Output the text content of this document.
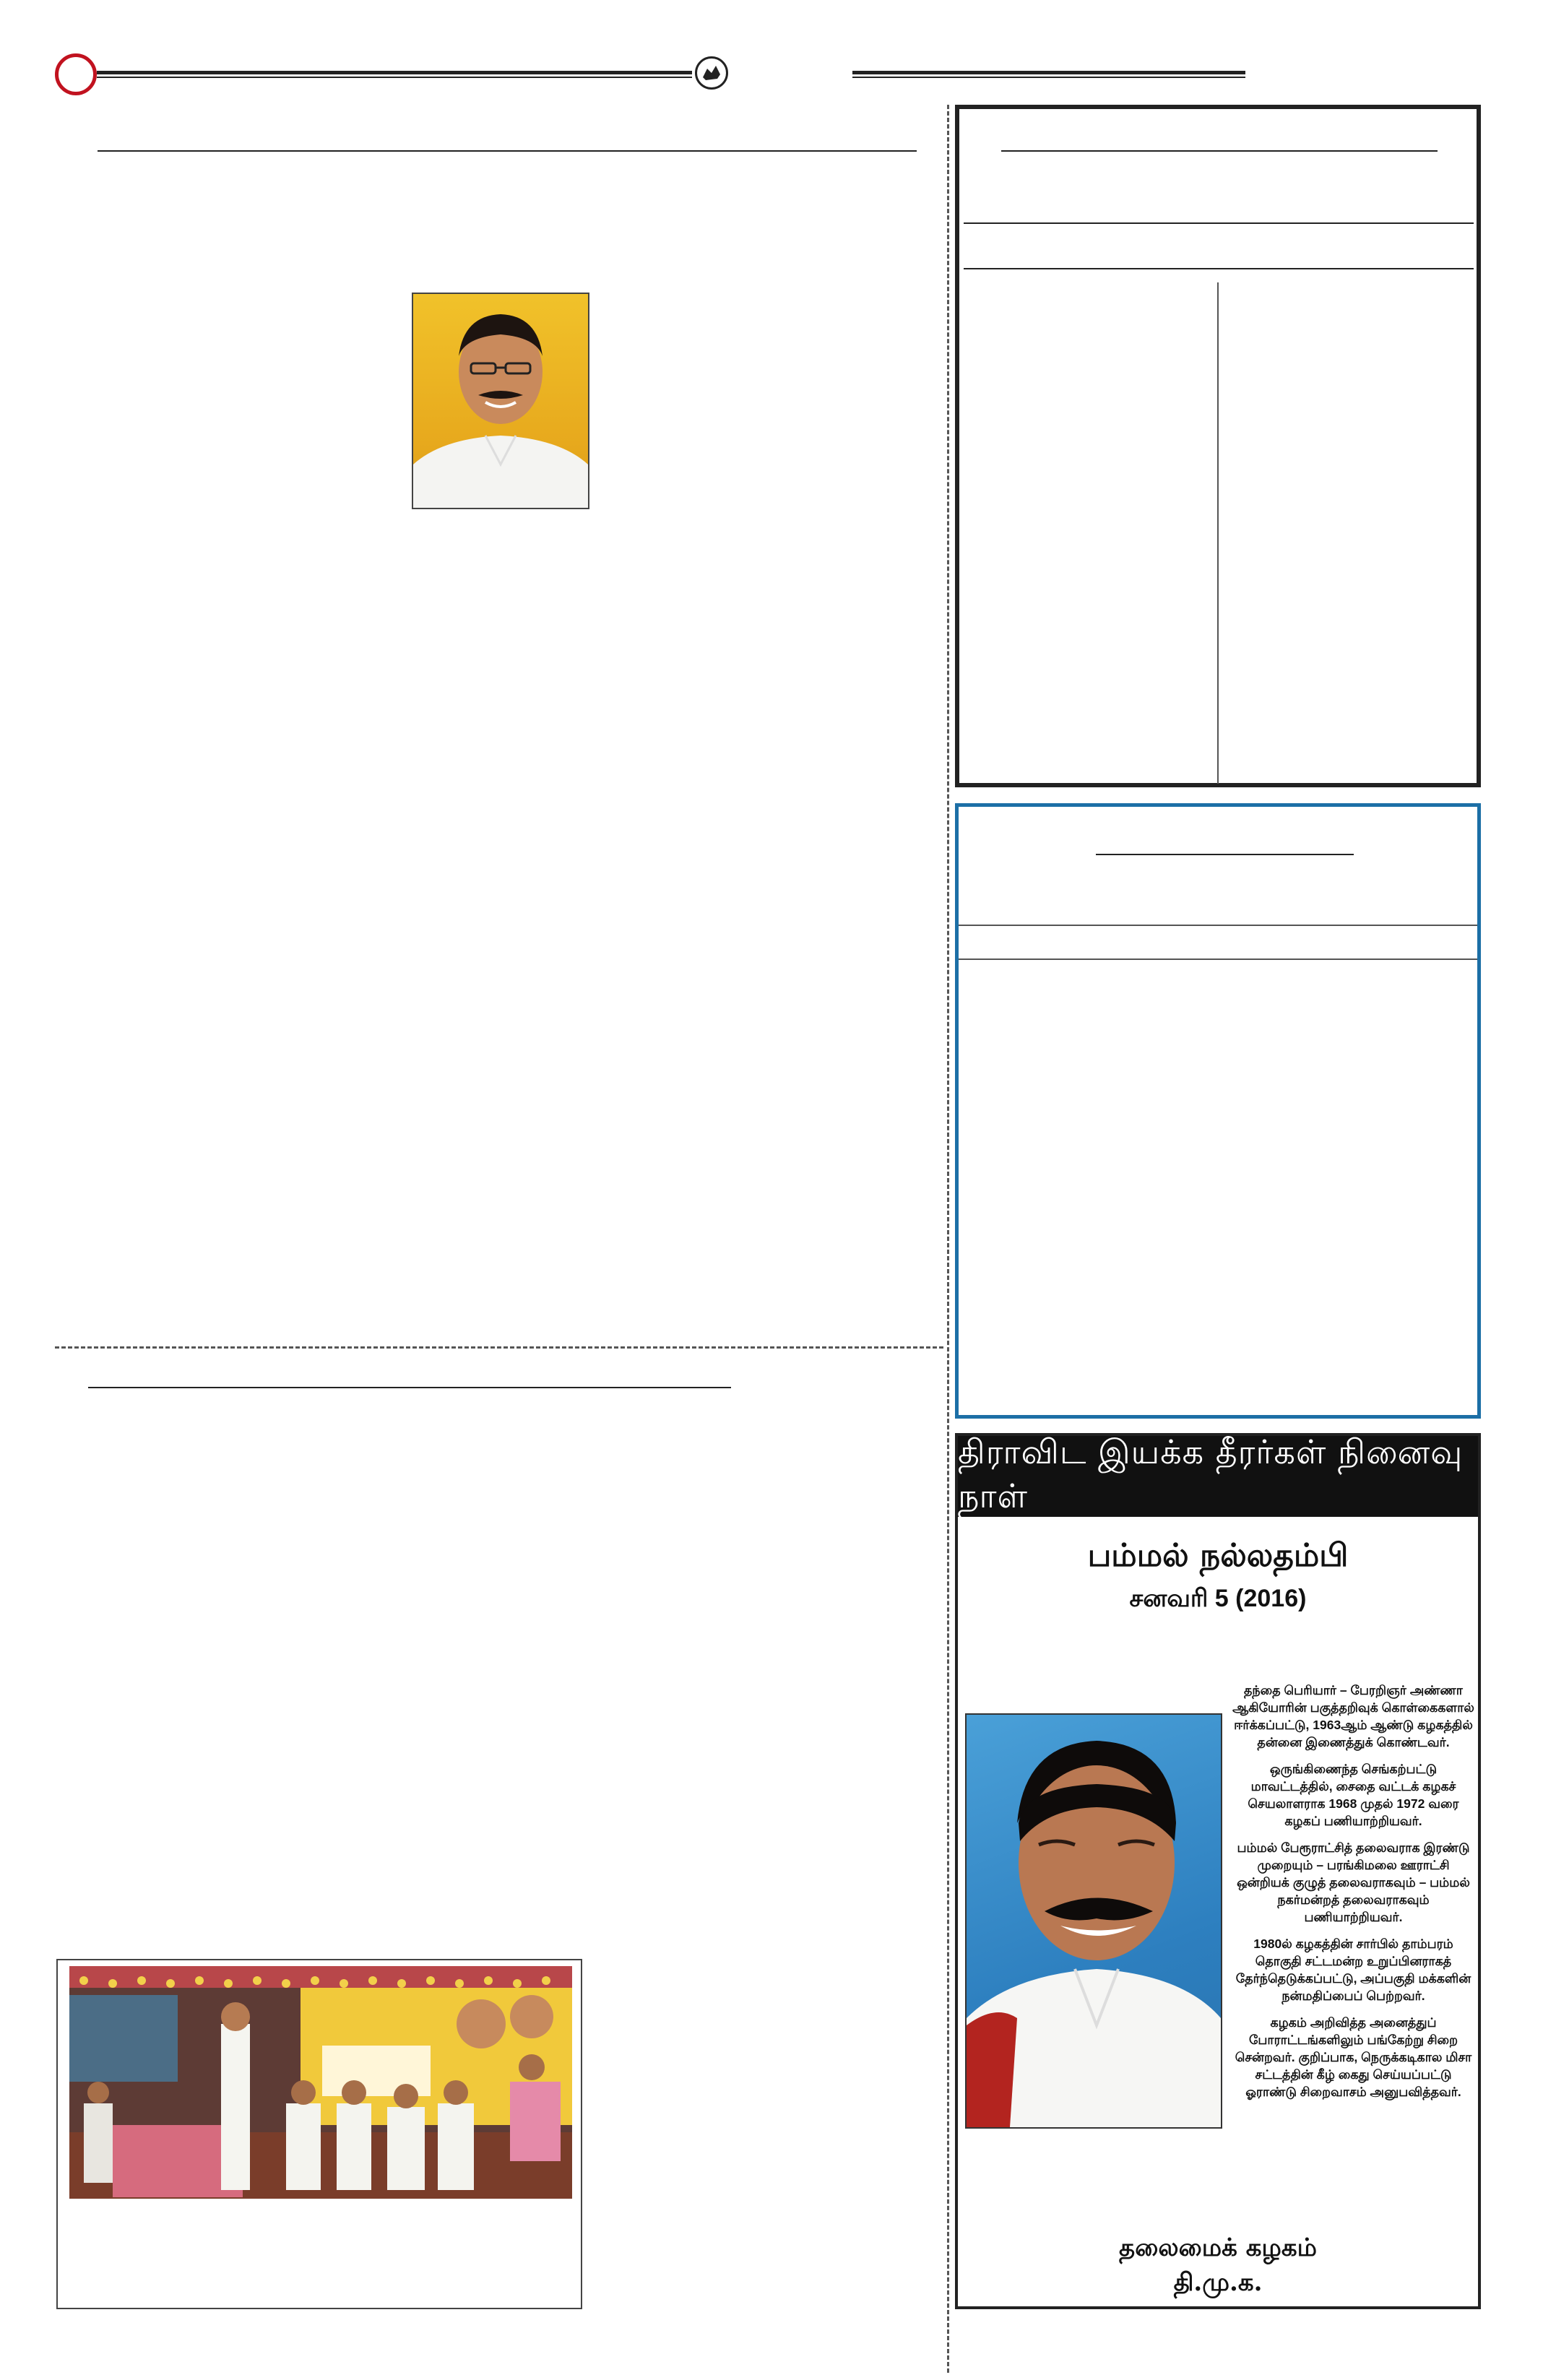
திராவிட இயக்க தீரர்கள் நினைவு நாள்
பம்மல் நல்லதம்பி
சனவரி 5 (2016)

தந்தை பெரியார் – பேரறிஞர் அண்ணா ஆகியோரின் பகுத்தறிவுக் கொள்கைகளால் ஈர்க்கப்பட்டு, 1963ஆம் ஆண்டு கழகத்தில் தன்னை இணைத்துக் கொண்டவர்.

ஒருங்கிணைந்த செங்கற்பட்டு மாவட்டத்தில், சைதை வட்டக் கழகச் செயலாளராக 1968 முதல் 1972 வரை கழகப் பணியாற்றியவர்.

பம்மல் பேரூராட்சித் தலைவராக இரண்டு முறையும் – பரங்கிமலை ஊராட்சி ஒன்றியக் குழுத் தலைவராகவும் – பம்மல் நகர்மன்றத் தலைவராகவும் பணியாற்றியவர்.

1980ல் கழகத்தின் சார்பில் தாம்பரம் தொகுதி சட்டமன்ற உறுப்பினராகத் தேர்ந்தெடுக்கப்பட்டு, அப்பகுதி மக்களின் நன்மதிப்பைப் பெற்றவர்.

கழகம் அறிவித்த அனைத்துப் போராட்டங்களிலும் பங்கேற்று சிறை சென்றவர். குறிப்பாக, நெருக்கடிகால மிசா சட்டத்தின் கீழ் கைது செய்யப்பட்டு ஓராண்டு சிறைவாசம் அனுபவித்தவர்.

தலைமைக் கழகம்
தி.மு.க.
